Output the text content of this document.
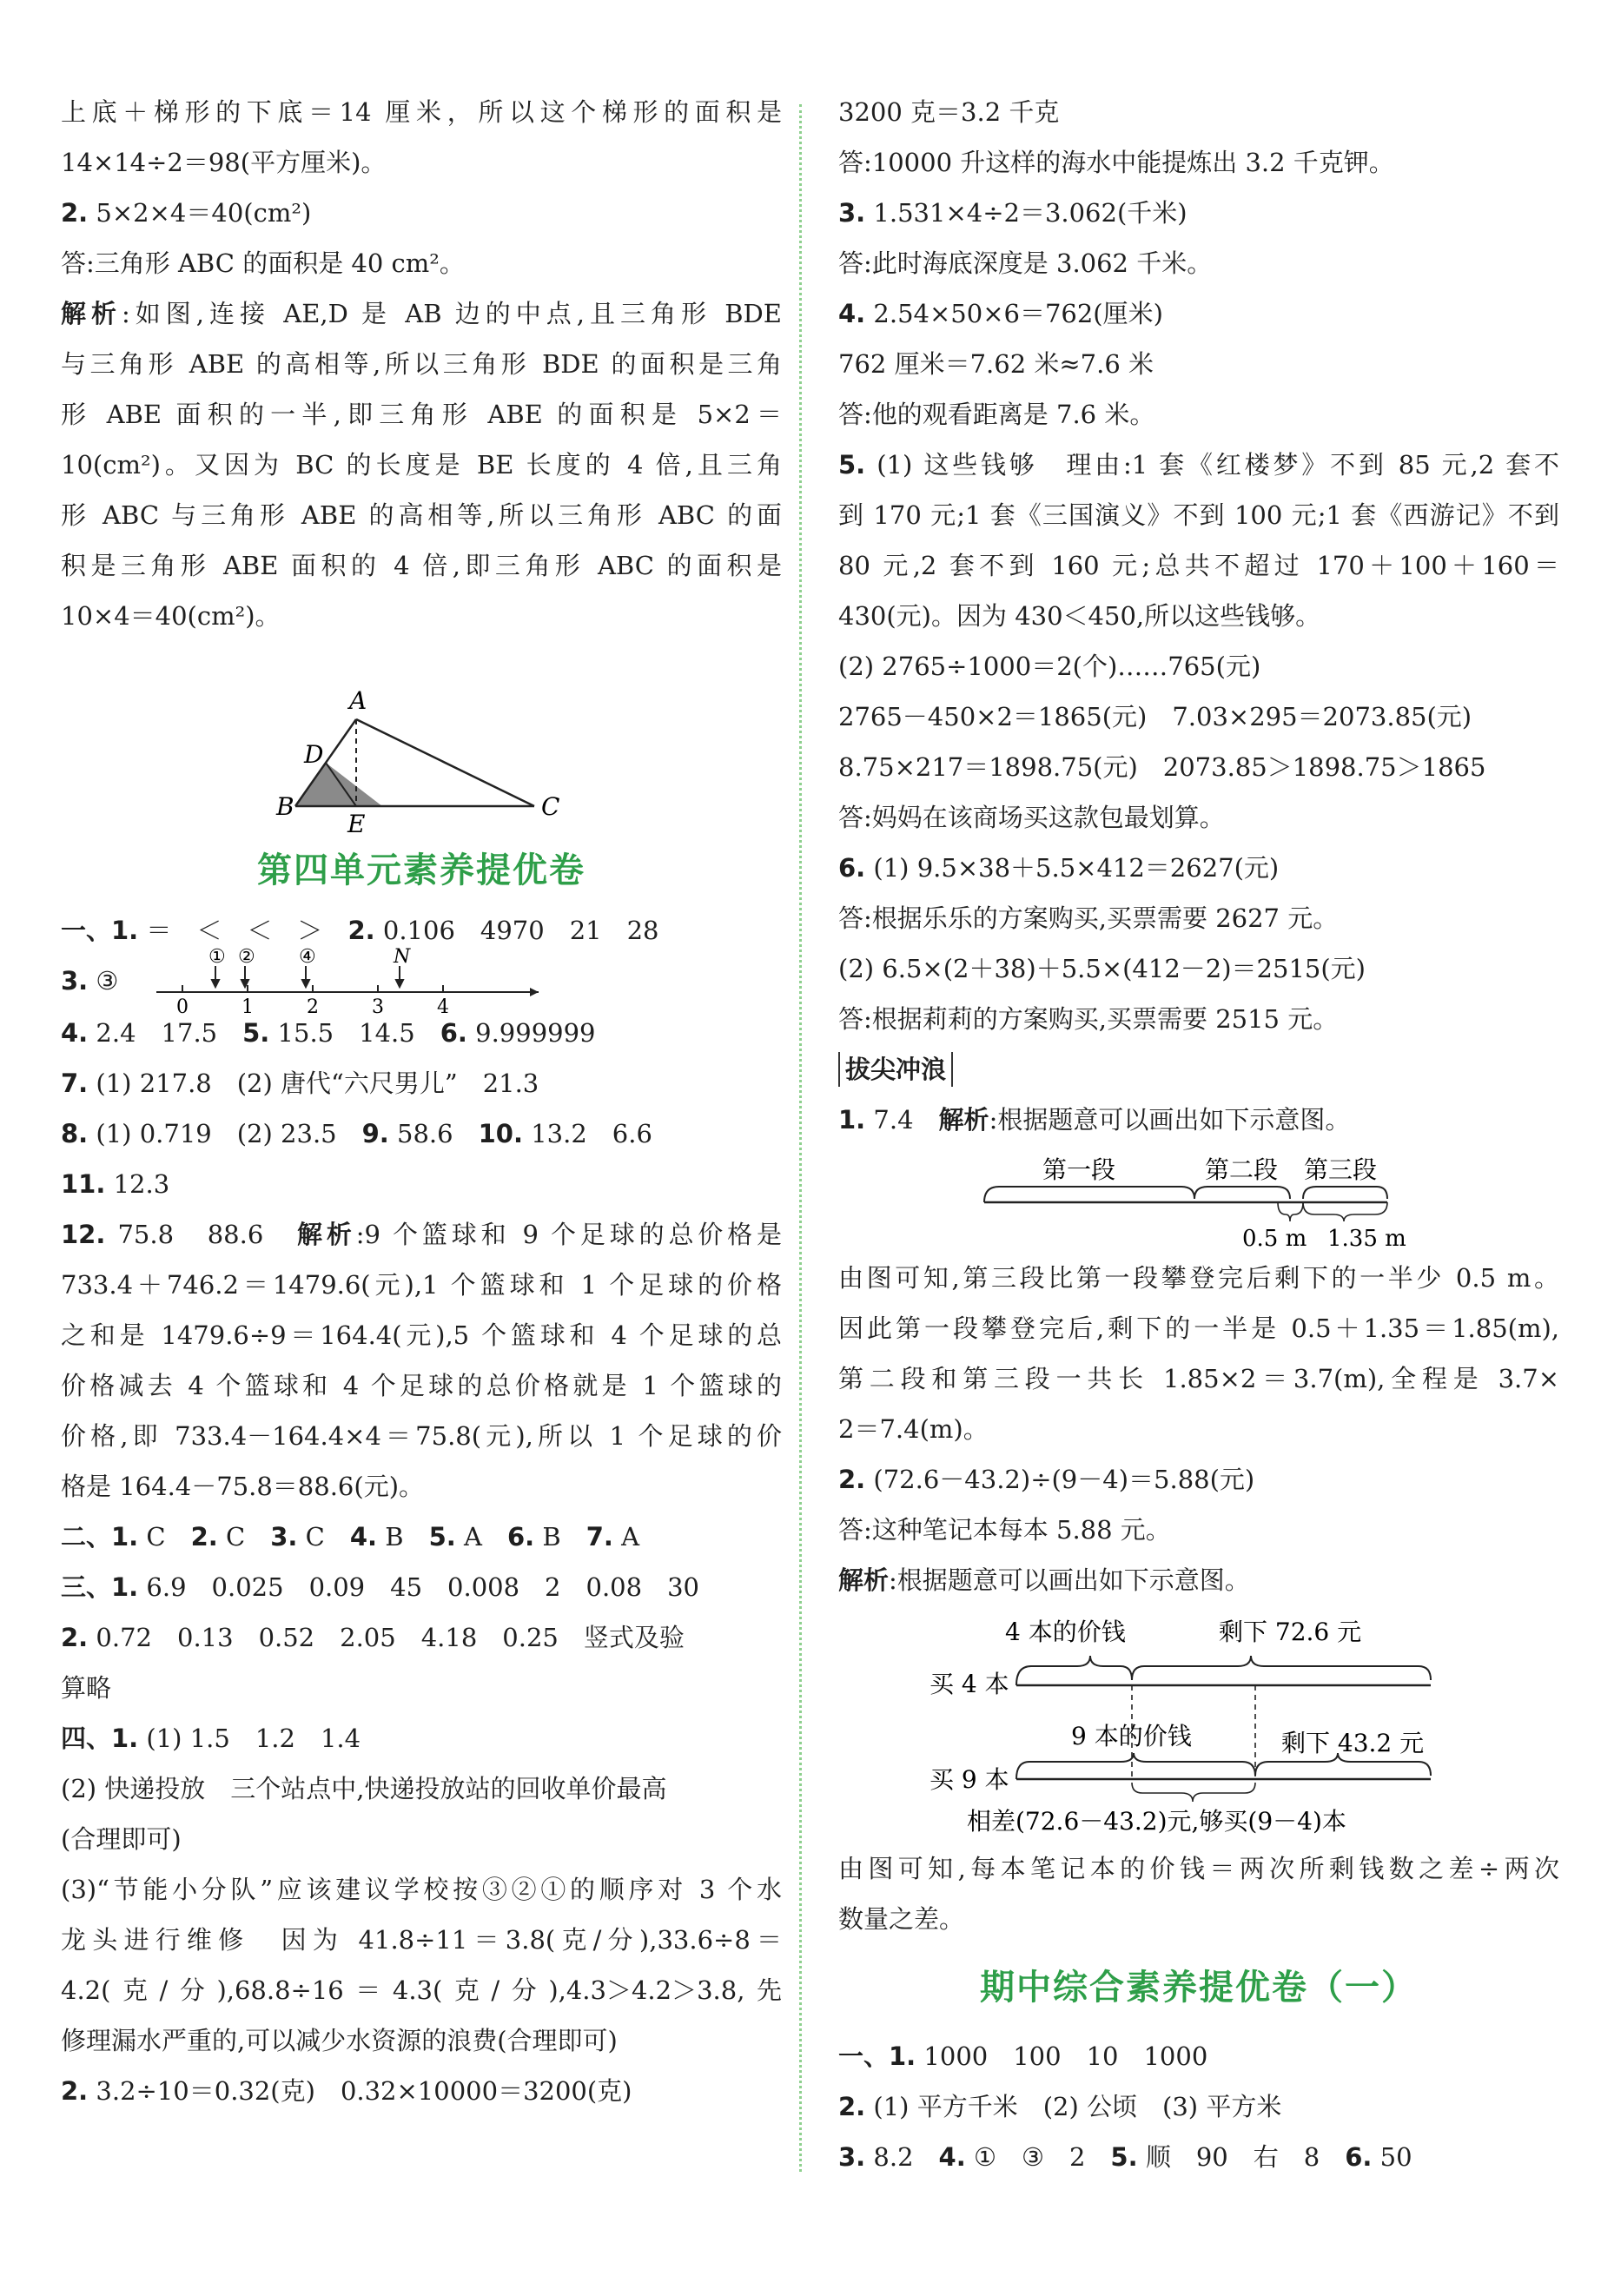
上底＋梯形的下底＝14 厘米，所以这个梯形的面积是
14×14÷2＝98(平方厘米)。
2. 5×2×4＝40(cm²)
答:三角形 ABC 的面积是 40 cm²。
解析:如图,连接 AE,D 是 AB 边的中点,且三角形 BDE
与三角形 ABE 的高相等,所以三角形 BDE 的面积是三角
形 ABE 面积的一半,即三角形 ABE 的面积是 5×2＝
10(cm²)。又因为 BC 的长度是 BE 长度的 4 倍,且三角
形 ABC 与三角形 ABE 的高相等,所以三角形 ABC 的面
积是三角形 ABE 面积的 4 倍,即三角形 ABC 的面积是
10×4＝40(cm²)。
A
B	C
D
E
第四单元素养提优卷
一、1. ＝　＜　＜　＞　 2. 0.106　4970　21　28
3. ③
① ② ④	N
0	1	2	3	4
4. 2.4　17.5　5. 15.5　14.5　6. 9.999999
7. (1) 217.8　(2) 唐代“六尺男儿”　21.3
8. (1) 0.719　(2) 23.5　9. 58.6　10. 13.2　6.6
11. 12.3
12. 75.8　88.6　解析:9 个篮球和 9 个足球的总价格是
733.4＋746.2＝1479.6(元),1 个篮球和 1 个足球的价格
之和是 1479.6÷9＝164.4(元),5 个篮球和 4 个足球的总
价格减去 4 个篮球和 4 个足球的总价格就是 1 个篮球的
价格,即 733.4－164.4×4＝75.8(元),所以 1 个足球的价
格是 164.4－75.8＝88.6(元)。
二、1. C　2. C　3. C　4. B　5. A　6. B　7. A
三、1. 6.9　0.025　0.09　45　0.008　2　0.08　30
2. 0.72　0.13　0.52　2.05　4.18　0.25　竖式及验
算略
四、1. (1) 1.5　1.2　1.4
(2) 快递投放　三个站点中,快递投放站的回收单价最高
(合理即可)
(3)“节能小分队”应该建议学校按③②①的顺序对 3 个水
龙头进行维修　因为 41.8÷11＝3.8(克/分),33.6÷8＝
4.2(克/分),68.8÷16＝4.3(克/分),4.3＞4.2＞3.8,先
修理漏水严重的,可以减少水资源的浪费(合理即可)
2. 3.2÷10＝0.32(克)　0.32×10000＝3200(克)
3200 克＝3.2 千克
答:10000 升这样的海水中能提炼出 3.2 千克钾。
3. 1.531×4÷2＝3.062(千米)
答:此时海底深度是 3.062 千米。
4. 2.54×50×6＝762(厘米)
762 厘米＝7.62 米≈7.6 米
答:他的观看距离是 7.6 米。
5. (1) 这些钱够　理由:1 套《红楼梦》不到 85 元,2 套不
到 170 元;1 套《三国演义》不到 100 元;1 套《西游记》不到
80 元,2 套不到 160 元;总共不超过 170＋100＋160＝
430(元)。因为 430＜450,所以这些钱够。
(2) 2765÷1000＝2(个)……765(元)
2765－450×2＝1865(元)　7.03×295＝2073.85(元)
8.75×217＝1898.75(元)　2073.85＞1898.75＞1865
答:妈妈在该商场买这款包最划算。
6. (1) 9.5×38＋5.5×412＝2627(元)
答:根据乐乐的方案购买,买票需要 2627 元。
(2) 6.5×(2＋38)＋5.5×(412－2)＝2515(元)
答:根据莉莉的方案购买,买票需要 2515 元。
拔尖冲浪
1. 7.4　解析:根据题意可以画出如下示意图。
第一段	第二段 第三段
0.5 m 1.35 m
由图可知,第三段比第一段攀登完后剩下的一半少 0.5 m。
因此第一段攀登完后,剩下的一半是 0.5＋1.35＝1.85(m),
第二段和第三段一共长 1.85×2＝3.7(m),全程是 3.7×
2＝7.4(m)。
2. (72.6－43.2)÷(9－4)＝5.88(元)
答:这种笔记本每本 5.88 元。
解析:根据题意可以画出如下示意图。
4 本的价钱	剩下 72.6 元
买 4 本
9 本的价钱	剩下 43.2 元
买 9 本
相差(72.6－43.2)元,够买(9－4)本
由图可知,每本笔记本的价钱＝两次所剩钱数之差÷两次
数量之差。
期中综合素养提优卷（一）
一、1. 1000　100　10　1000
2. (1) 平方千米　(2) 公顷　(3) 平方米
3. 8.2　4. ①　③　2　5. 顺　90　右　8　6. 50
